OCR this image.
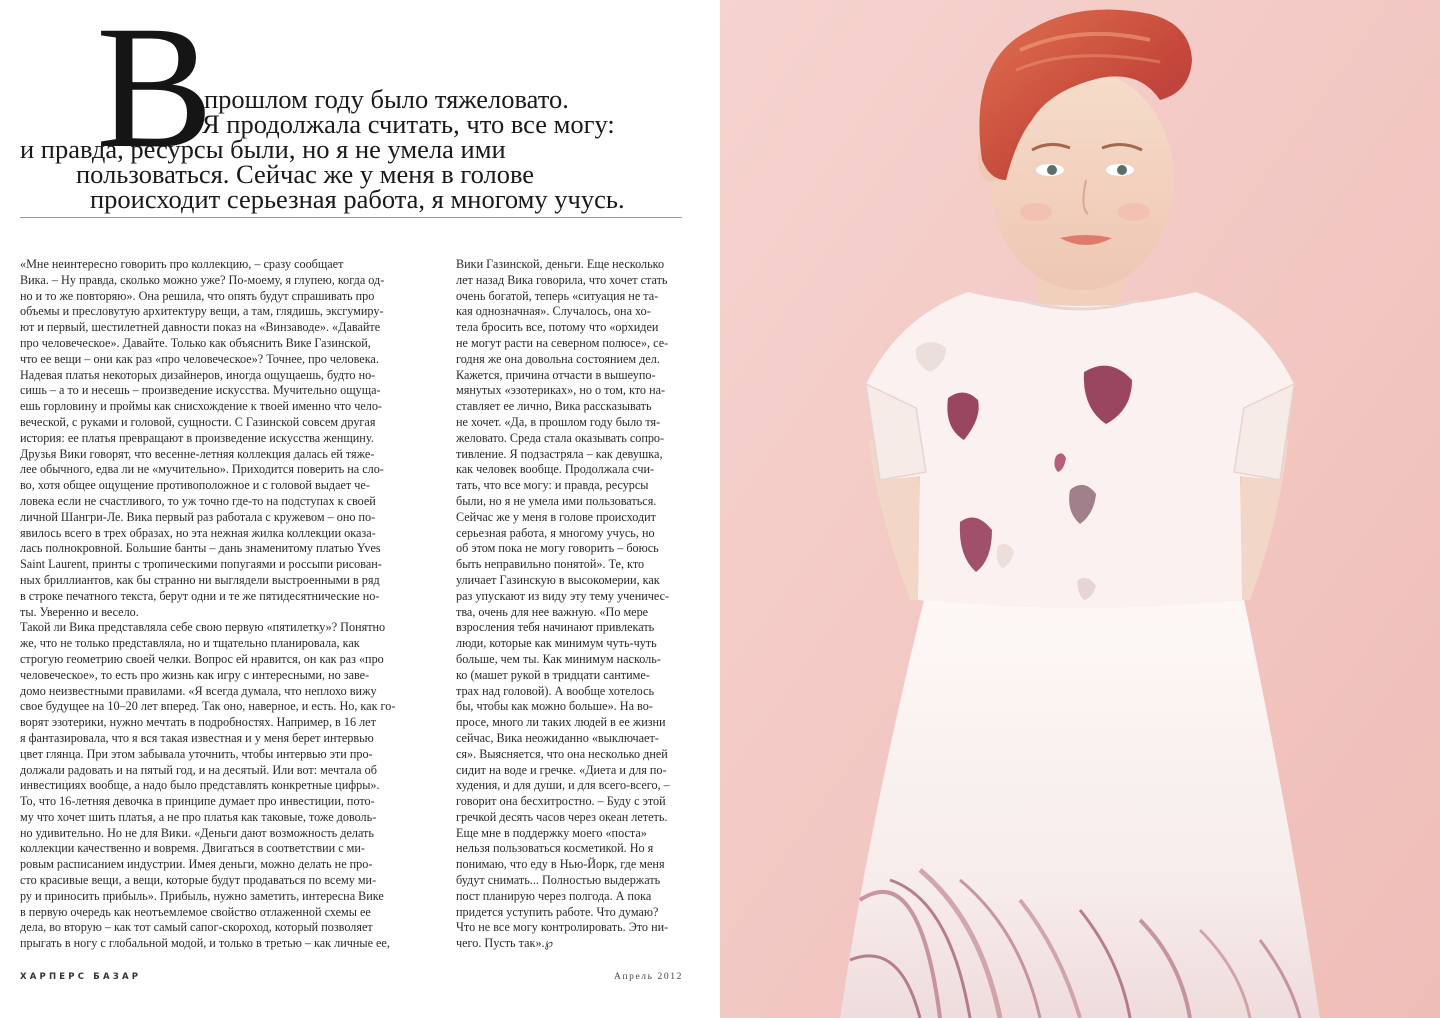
В
прошлом году было тяжеловато.
Я продолжала считать, что все могу:
и правда, ресурсы были, но я не умела ими
пользоваться. Сейчас же у меня в голове
происходит серьезная работа, я многому учусь.
«Мне неинтересно говорить про коллекцию, – сразу сообщает
Вика. – Ну правда, сколько можно уже? По-моему, я глупею, когда од-
но и то же повторяю». Она решила, что опять будут спрашивать про
объемы и пресловутую архитектуру вещи, а там, глядишь, эксгумиру-
ют и первый, шестилетней давности показ на «Винзаводе». «Давайте
про человеческое». Давайте. Только как объяснить Вике Газинской,
что ее вещи – они как раз «про человеческое»? Точнее, про человека.
Надевая платья некоторых дизайнеров, иногда ощущаешь, будто но-
сишь – а то и несешь – произведение искусства. Мучительно ощуща-
ешь горловину и проймы как снисхождение к твоей именно что чело-
веческой, с руками и головой, сущности. С Газинской совсем другая
история: ее платья превращают в произведение искусства женщину.
Друзья Вики говорят, что весенне-летняя коллекция далась ей тяже-
лее обычного, едва ли не «мучительно». Приходится поверить на сло-
во, хотя общее ощущение противоположное и с головой выдает че-
ловека если не счастливого, то уж точно где-то на подступах к своей
личной Шангри-Ле. Вика первый раз работала с кружевом – оно по-
явилось всего в трех образах, но эта нежная жилка коллекции оказа-
лась полнокровной. Большие банты – дань знаменитому платью Yves
Saint Laurent, принты с тропическими попугаями и россыпи рисован-
ных бриллиантов, как бы странно ни выглядели выстроенными в ряд
в строке печатного текста, берут одни и те же пятидесятнические но-
ты. Уверенно и весело.
Такой ли Вика представляла себе свою первую «пятилетку»? Понятно
же, что не только представляла, но и тщательно планировала, как
строгую геометрию своей челки. Вопрос ей нравится, он как раз «про
человеческое», то есть про жизнь как игру с интересными, но заве-
домо неизвестными правилами. «Я всегда думала, что неплохо вижу
свое будущее на 10–20 лет вперед. Так оно, наверное, и есть. Но, как го-
ворят эзотерики, нужно мечтать в подробностях. Например, в 16 лет
я фантазировала, что я вся такая известная и у меня берет интервью
цвет глянца. При этом забывала уточнить, чтобы интервью эти про-
должали радовать и на пятый год, и на десятый. Или вот: мечтала об
инвестициях вообще, а надо было представлять конкретные цифры».
То, что 16-летняя девочка в принципе думает про инвестиции, пото-
му что хочет шить платья, а не про платья как таковые, тоже доволь-
но удивительно. Но не для Вики. «Деньги дают возможность делать
коллекции качественно и вовремя. Двигаться в соответствии с ми-
ровым расписанием индустрии. Имея деньги, можно делать не про-
сто красивые вещи, а вещи, которые будут продаваться по всему ми-
ру и приносить прибыль». Прибыль, нужно заметить, интересна Вике
в первую очередь как неотъемлемое свойство отлаженной схемы ее
дела, во вторую – как тот самый сапог-скороход, который позволяет
прыгать в ногу с глобальной модой, и только в третью – как личные ее,
Вики Газинской, деньги. Еще несколько
лет назад Вика говорила, что хочет стать
очень богатой, теперь «ситуация не та-
кая однозначная». Случалось, она хо-
тела бросить все, потому что «орхидеи
не могут расти на северном полюсе», се-
годня же она довольна состоянием дел.
Кажется, причина отчасти в вышеупо-
мянутых «эзотериках», но о том, кто на-
ставляет ее лично, Вика рассказывать
не хочет. «Да, в прошлом году было тя-
желовато. Среда стала оказывать сопро-
тивление. Я подзастряла – как девушка,
как человек вообще. Продолжала счи-
тать, что все могу: и правда, ресурсы
были, но я не умела ими пользоваться.
Сейчас же у меня в голове происходит
серьезная работа, я многому учусь, но
об этом пока не могу говорить – боюсь
быть неправильно понятой». Те, кто
уличает Газинскую в высокомерии, как
раз упускают из виду эту тему ученичес-
тва, очень для нее важную. «По мере
взросления тебя начинают привлекать
люди, которые как минимум чуть-чуть
больше, чем ты. Как минимум насколь-
ко (машет рукой в тридцати сантиме-
трах над головой). А вообще хотелось
бы, чтобы как можно больше». На во-
просе, много ли таких людей в ее жизни
сейчас, Вика неожиданно «выключает-
ся». Выясняется, что она несколько дней
сидит на воде и гречке. «Диета и для по-
худения, и для души, и для всего-всего, –
говорит она бесхитростно. – Буду с этой
гречкой десять часов через океан лететь.
Еще мне в поддержку моего «поста»
нельзя пользоваться косметикой. Но я
понимаю, что еду в Нью-Йорк, где меня
будут снимать... Полностью выдержать
пост планирую через полгода. А пока
придется уступить работе. Что думаю?
Что не все могу контролировать. Это ни-
чего. Пусть так».℘
ХАРПЕРС БАЗАР	Апрель 2012
